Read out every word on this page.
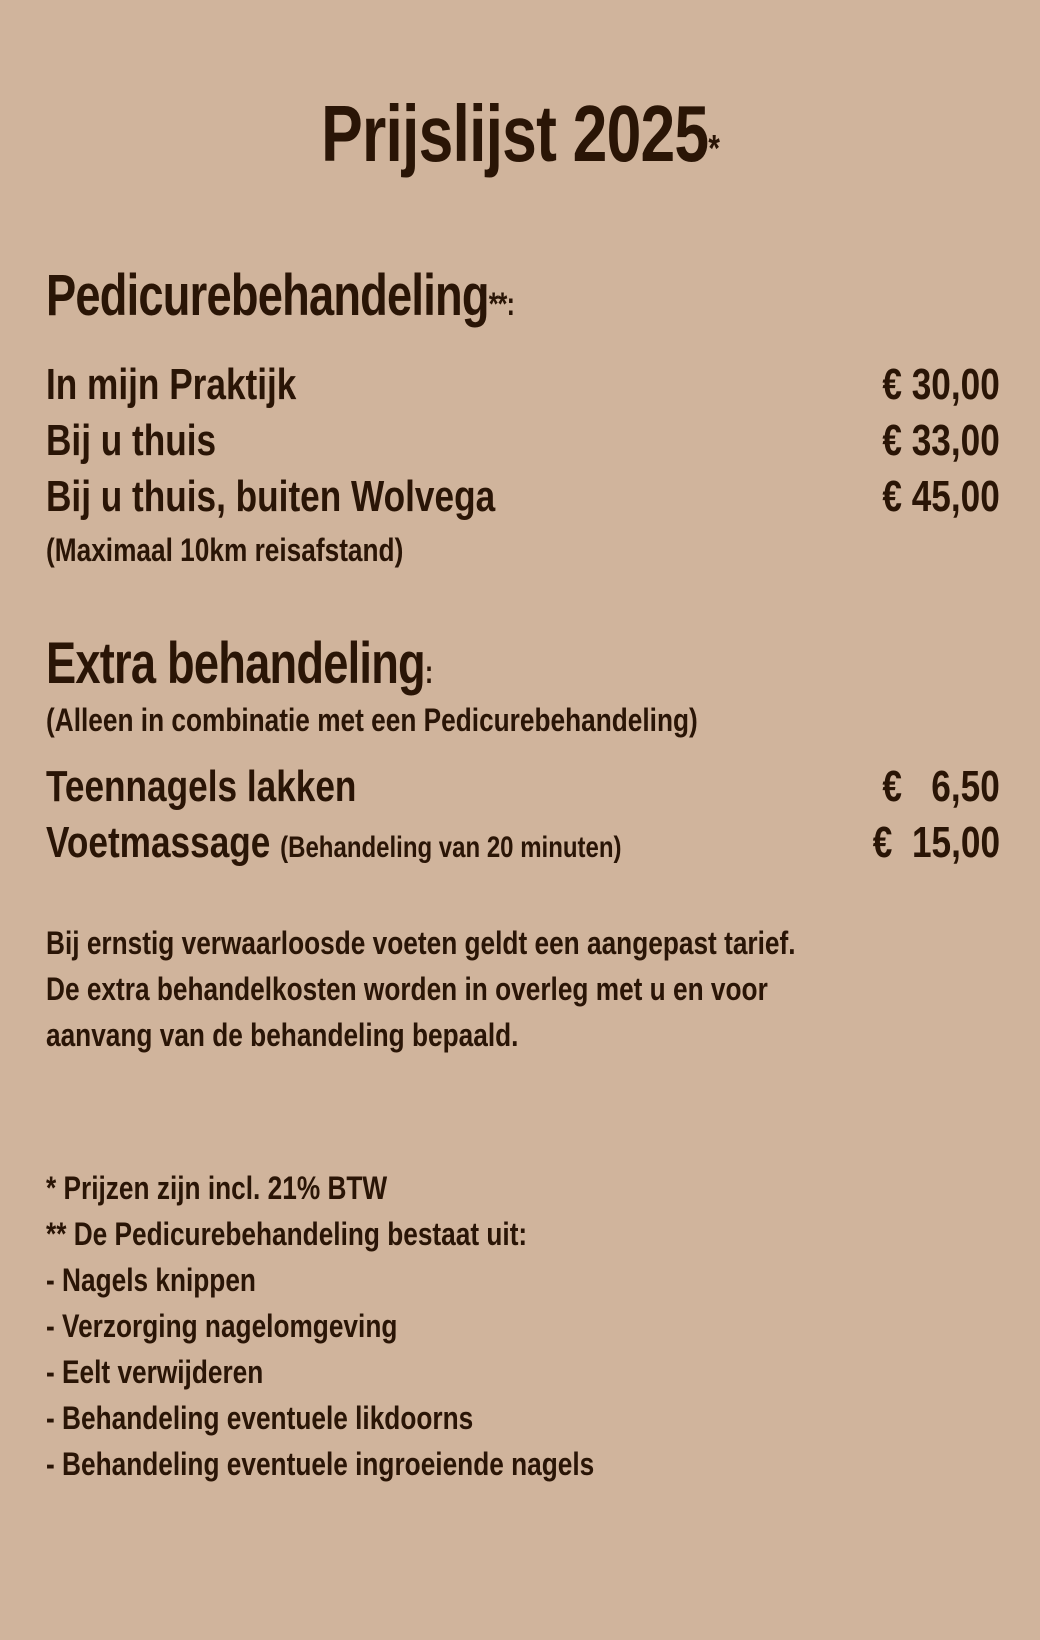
Prijslijst 2025*
Pedicurebehandeling**:
In mijn Praktijk	€ 30,00
Bij u thuis	€ 33,00
Bij u thuis, buiten Wolvega	€ 45,00
(Maximaal 10km reisafstand)
Extra behandeling:
(Alleen in combinatie met een Pedicurebehandeling)
Teennagels lakken	€   6,50
Voetmassage (Behandeling van 20 minuten)	€  15,00
Bij ernstig verwaarloosde voeten geldt een aangepast tarief.
De extra behandelkosten worden in overleg met u en voor
aanvang van de behandeling bepaald.
* Prijzen zijn incl. 21% BTW
** De Pedicurebehandeling bestaat uit:
- Nagels knippen
- Verzorging nagelomgeving
- Eelt verwijderen
- Behandeling eventuele likdoorns
- Behandeling eventuele ingroeiende nagels
